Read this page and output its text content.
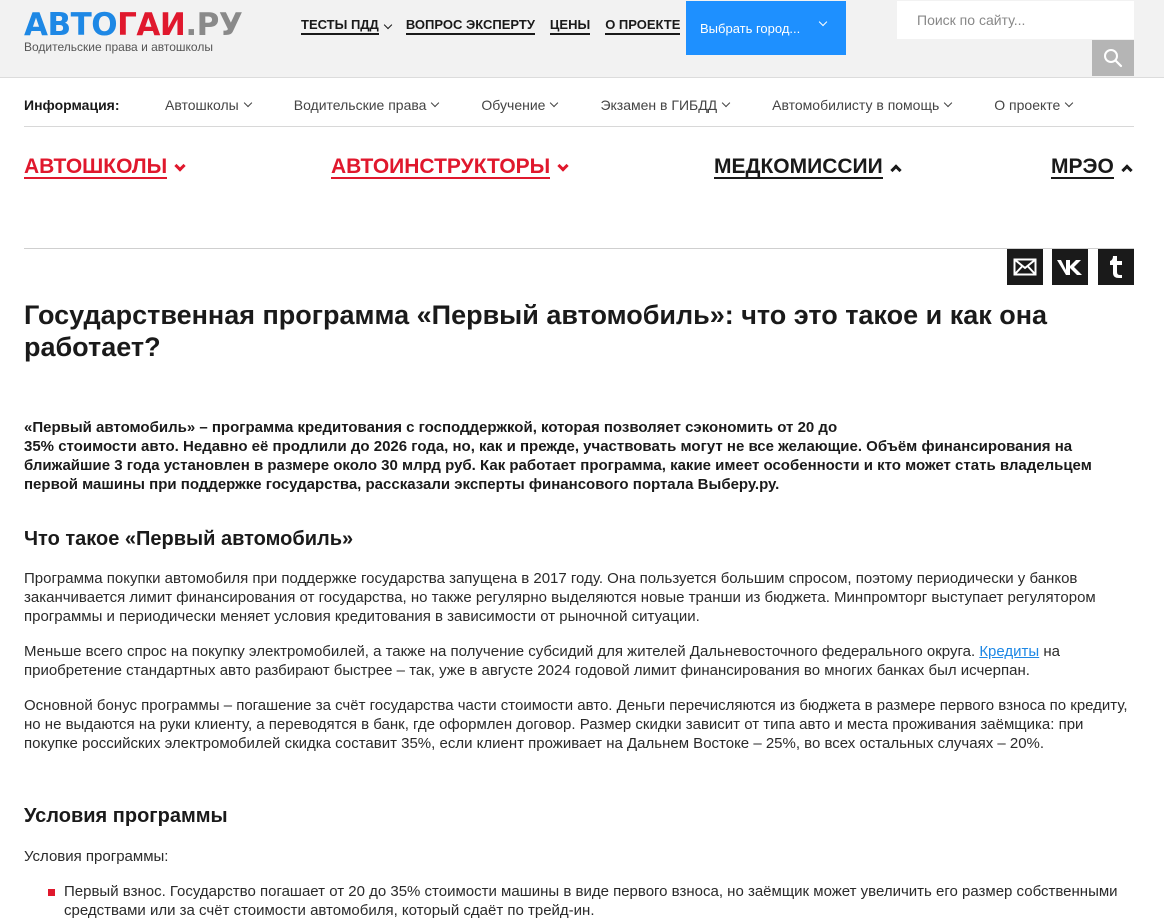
АВТО ГАИ .РУ
Водительские права и автошколы
ТЕСТЫ ПДД ВОПРОС ЭКСПЕРТУ ЦЕНЫ О ПРОЕКТЕ Выбрать город...	Поиск по сайту...
Информация:	Автошколы	Водительские права	Обучение	Экзамен в ГИБДД	Автомобилисту в помощь	О проекте
АВТОШКОЛЫ	АВТОИНСТРУКТОРЫ	МЕДКОМИССИИ	МРЭО
Государственная программа «Первый автомобиль»: что это такое и как она работает?
«Первый автомобиль» – программа кредитования с господдержкой, которая позволяет сэкономить от 20 до
35% стоимости авто. Недавно её продлили до 2026 года, но, как и прежде, участвовать могут не все желающие. Объём финансирования на ближайшие 3 года установлен в размере около 30 млрд руб. Как работает программа, какие имеет особенности и кто может стать владельцем первой машины при поддержке государства, рассказали эксперты финансового портала Выберу.ру.
Что такое «Первый автомобиль»

Программа покупки автомобиля при поддержке государства запущена в 2017 году. Она пользуется большим спросом, поэтому периодически у банков заканчивается лимит финансирования от государства, но также регулярно выделяются новые транши из бюджета. Минпромторг выступает регулятором программы и периодически меняет условия кредитования в зависимости от рыночной ситуации.

Меньше всего спрос на покупку электромобилей, а также на получение субсидий для жителей Дальневосточного федерального округа. Кредиты на приобретение стандартных авто разбирают быстрее – так, уже в августе 2024 годовой лимит финансирования во многих банках был исчерпан.

Основной бонус программы – погашение за счёт государства части стоимости авто. Деньги перечисляются из бюджета в размере первого взноса по кредиту, но не выдаются на руки клиенту, а переводятся в банк, где оформлен договор. Размер скидки зависит от типа авто и места проживания заёмщика: при покупке российских электромобилей скидка составит 35%, если клиент проживает на Дальнем Востоке – 25%, во всех остальных случаях – 20%.

Условия программы

Условия программы:

Первый взнос. Государство погашает от 20 до 35% стоимости машины в виде первого взноса, но заёмщик может увеличить его размер собственными средствами или за счёт стоимости автомобиля, который сдаёт по трейд-ин.
